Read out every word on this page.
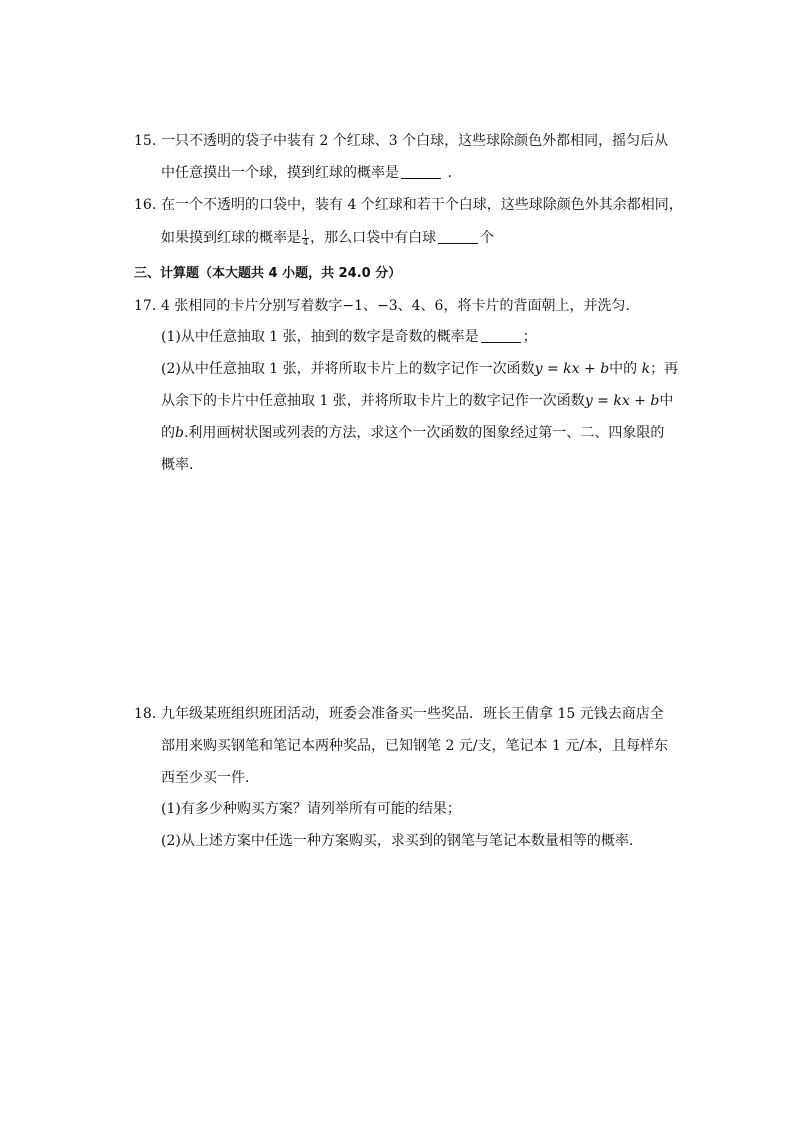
15. 一只不透明的袋子中装有 2 个红球、3 个白球，这些球除颜色外都相同，摇匀后从
中任意摸出一个球，摸到红球的概率是	.
16. 在一个不透明的口袋中，装有 4 个红球和若干个白球，这些球除颜色外其余都相同，
如果摸到红球的概率是 $\frac{1}{4}$ ，那么口袋中有白球	个
三、计算题（本大题共 4 小题，共 24.0 分）
17. 4 张相同的卡片分别写着数字−1、−3、4、6，将卡片的背面朝上，并洗匀.
(1)从中任意抽取 1 张，抽到的数字是奇数的概率是	；
(2)从中任意抽取 1 张，并将所取卡片上的数字记作一次函数y = kx + b中的 k；再
从余下的卡片中任意抽取 1 张，并将所取卡片上的数字记作一次函数y = kx + b中
的b.利用画树状图或列表的方法，求这个一次函数的图象经过第一、二、四象限的
概率.
18. 九年级某班组织班团活动，班委会准备买一些奖品．班长王倩拿 15 元钱去商店全
部用来购买钢笔和笔记本两种奖品，已知钢笔 2 元/支，笔记本 1 元/本，且每样东
西至少买一件.
(1)有多少种购买方案？请列举所有可能的结果；
(2)从上述方案中任选一种方案购买，求买到的钢笔与笔记本数量相等的概率.
